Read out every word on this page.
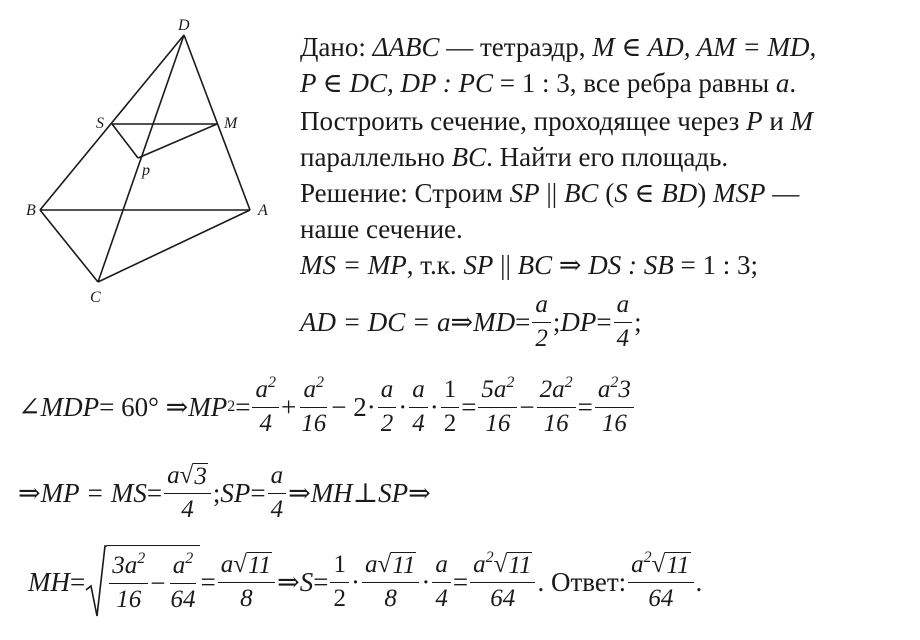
D
S	M
p
B	A
C
Дано: ΔABC — тетраэдр, M ∈ AD, AM = MD,
P ∈ DC, DP : PC = 1 : 3, все ребра равны a.
Построить сечение, проходящее через P и M
параллельно BC. Найти его площадь.
Решение: Строим SP || BC (S ∈ BD) MSP —
наше сечение.
MS = MP, т.к. SP || BC ⇒ DS : SB = 1 : 3;
AD = DC = a ⇒ MD = $\frac{a}{2}$ ; DP = $\frac{a}{4}$ ;
∠ MDP = 60° ⇒ MP $2 = \frac{a^2}{4} + \frac{a^2}{16} - 2\cdot \frac{a}{2} \cdot \frac{a}{4} \cdot \frac{1}{2} = \frac{5a^2}{16} - \frac{2a^2}{16} = \frac{a^23}{16}$
⇒ MP = MS = $\frac{a √ 3}{4}$ ; SP = $\frac{a}{4}$ ⇒ MH ⊥ SP ⇒
MH = $\frac{3a^2}{16} - \frac{a^2}{64} = \frac{a √ 11}{8}$ ⇒ $S = \frac{1}{2} \cdot \frac{a √ 11}{8} \cdot \frac{a}{4} = \frac{a^2 √ 11}{64}$ . Ответ: $\frac{a^2 √ 11}{64}$ .
